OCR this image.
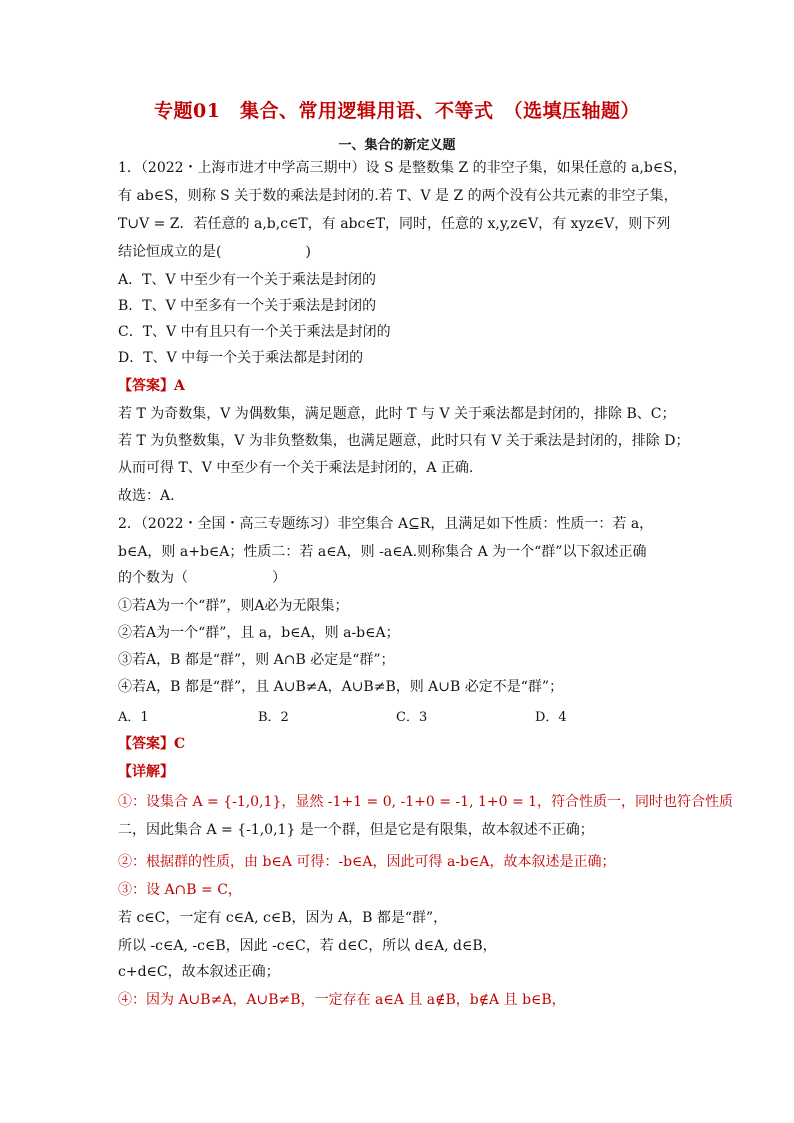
专题01　集合、常用逻辑用语、不等式　（选填压轴题）
一、集合的新定义题
1．（2022・上海市进才中学高三期中）设 S 是整数集 Z 的非空子集，如果任意的 a,b∈S，
有 ab∈S，则称 S 关于数的乘法是封闭的.若 T、V 是 Z 的两个没有公共元素的非空子集，
T∪V = Z．若任意的 a,b,c∈T，有 abc∈T，同时，任意的 x,y,z∈V，有 xyz∈V，则下列
结论恒成立的是(　　　　　　)
A．T、V 中至少有一个关于乘法是封闭的
B．T、V 中至多有一个关于乘法是封闭的
C．T、V 中有且只有一个关于乘法是封闭的
D．T、V 中每一个关于乘法都是封闭的
【答案】A
若 T 为奇数集，V 为偶数集，满足题意，此时 T 与 V 关于乘法都是封闭的，排除 B、C；
若 T 为负整数集，V 为非负整数集，也满足题意，此时只有 V 关于乘法是封闭的，排除 D；
从而可得 T、V 中至少有一个关于乘法是封闭的，A 正确.
故选：A.
2．（2022・全国・高三专题练习）非空集合 A⊆R，且满足如下性质：性质一：若 a，
b∈A，则 a+b∈A；性质二：若 a∈A，则 -a∈A.则称集合 A 为一个“群”以下叙述正确
的个数为（　　　　　　）
①若A为一个“群”，则A必为无限集；
②若A为一个“群”，且 a，b∈A，则 a-b∈A；
③若A，B 都是“群”，则 A∩B 必定是“群”；
④若A，B 都是“群”，且 A∪B≠A，A∪B≠B，则 A∪B 必定不是“群”；
A．1	B．2	C．3	D．4
【答案】C
【详解】
①：设集合 A = {-1,0,1}，显然 -1+1 = 0, -1+0 = -1, 1+0 = 1，符合性质一，同时也符合性质
二，因此集合 A = {-1,0,1} 是一个群，但是它是有限集，故本叙述不正确；
②：根据群的性质，由 b∈A 可得：-b∈A，因此可得 a-b∈A，故本叙述是正确；
③：设 A∩B = C，
若 c∈C，一定有 c∈A, c∈B，因为 A，B 都是“群”，
所以 -c∈A, -c∈B，因此 -c∈C，若 d∈C，所以 d∈A, d∈B，
c+d∈C，故本叙述正确；
④：因为 A∪B≠A，A∪B≠B，一定存在 a∈A 且 a∉B，b∉A 且 b∈B，
